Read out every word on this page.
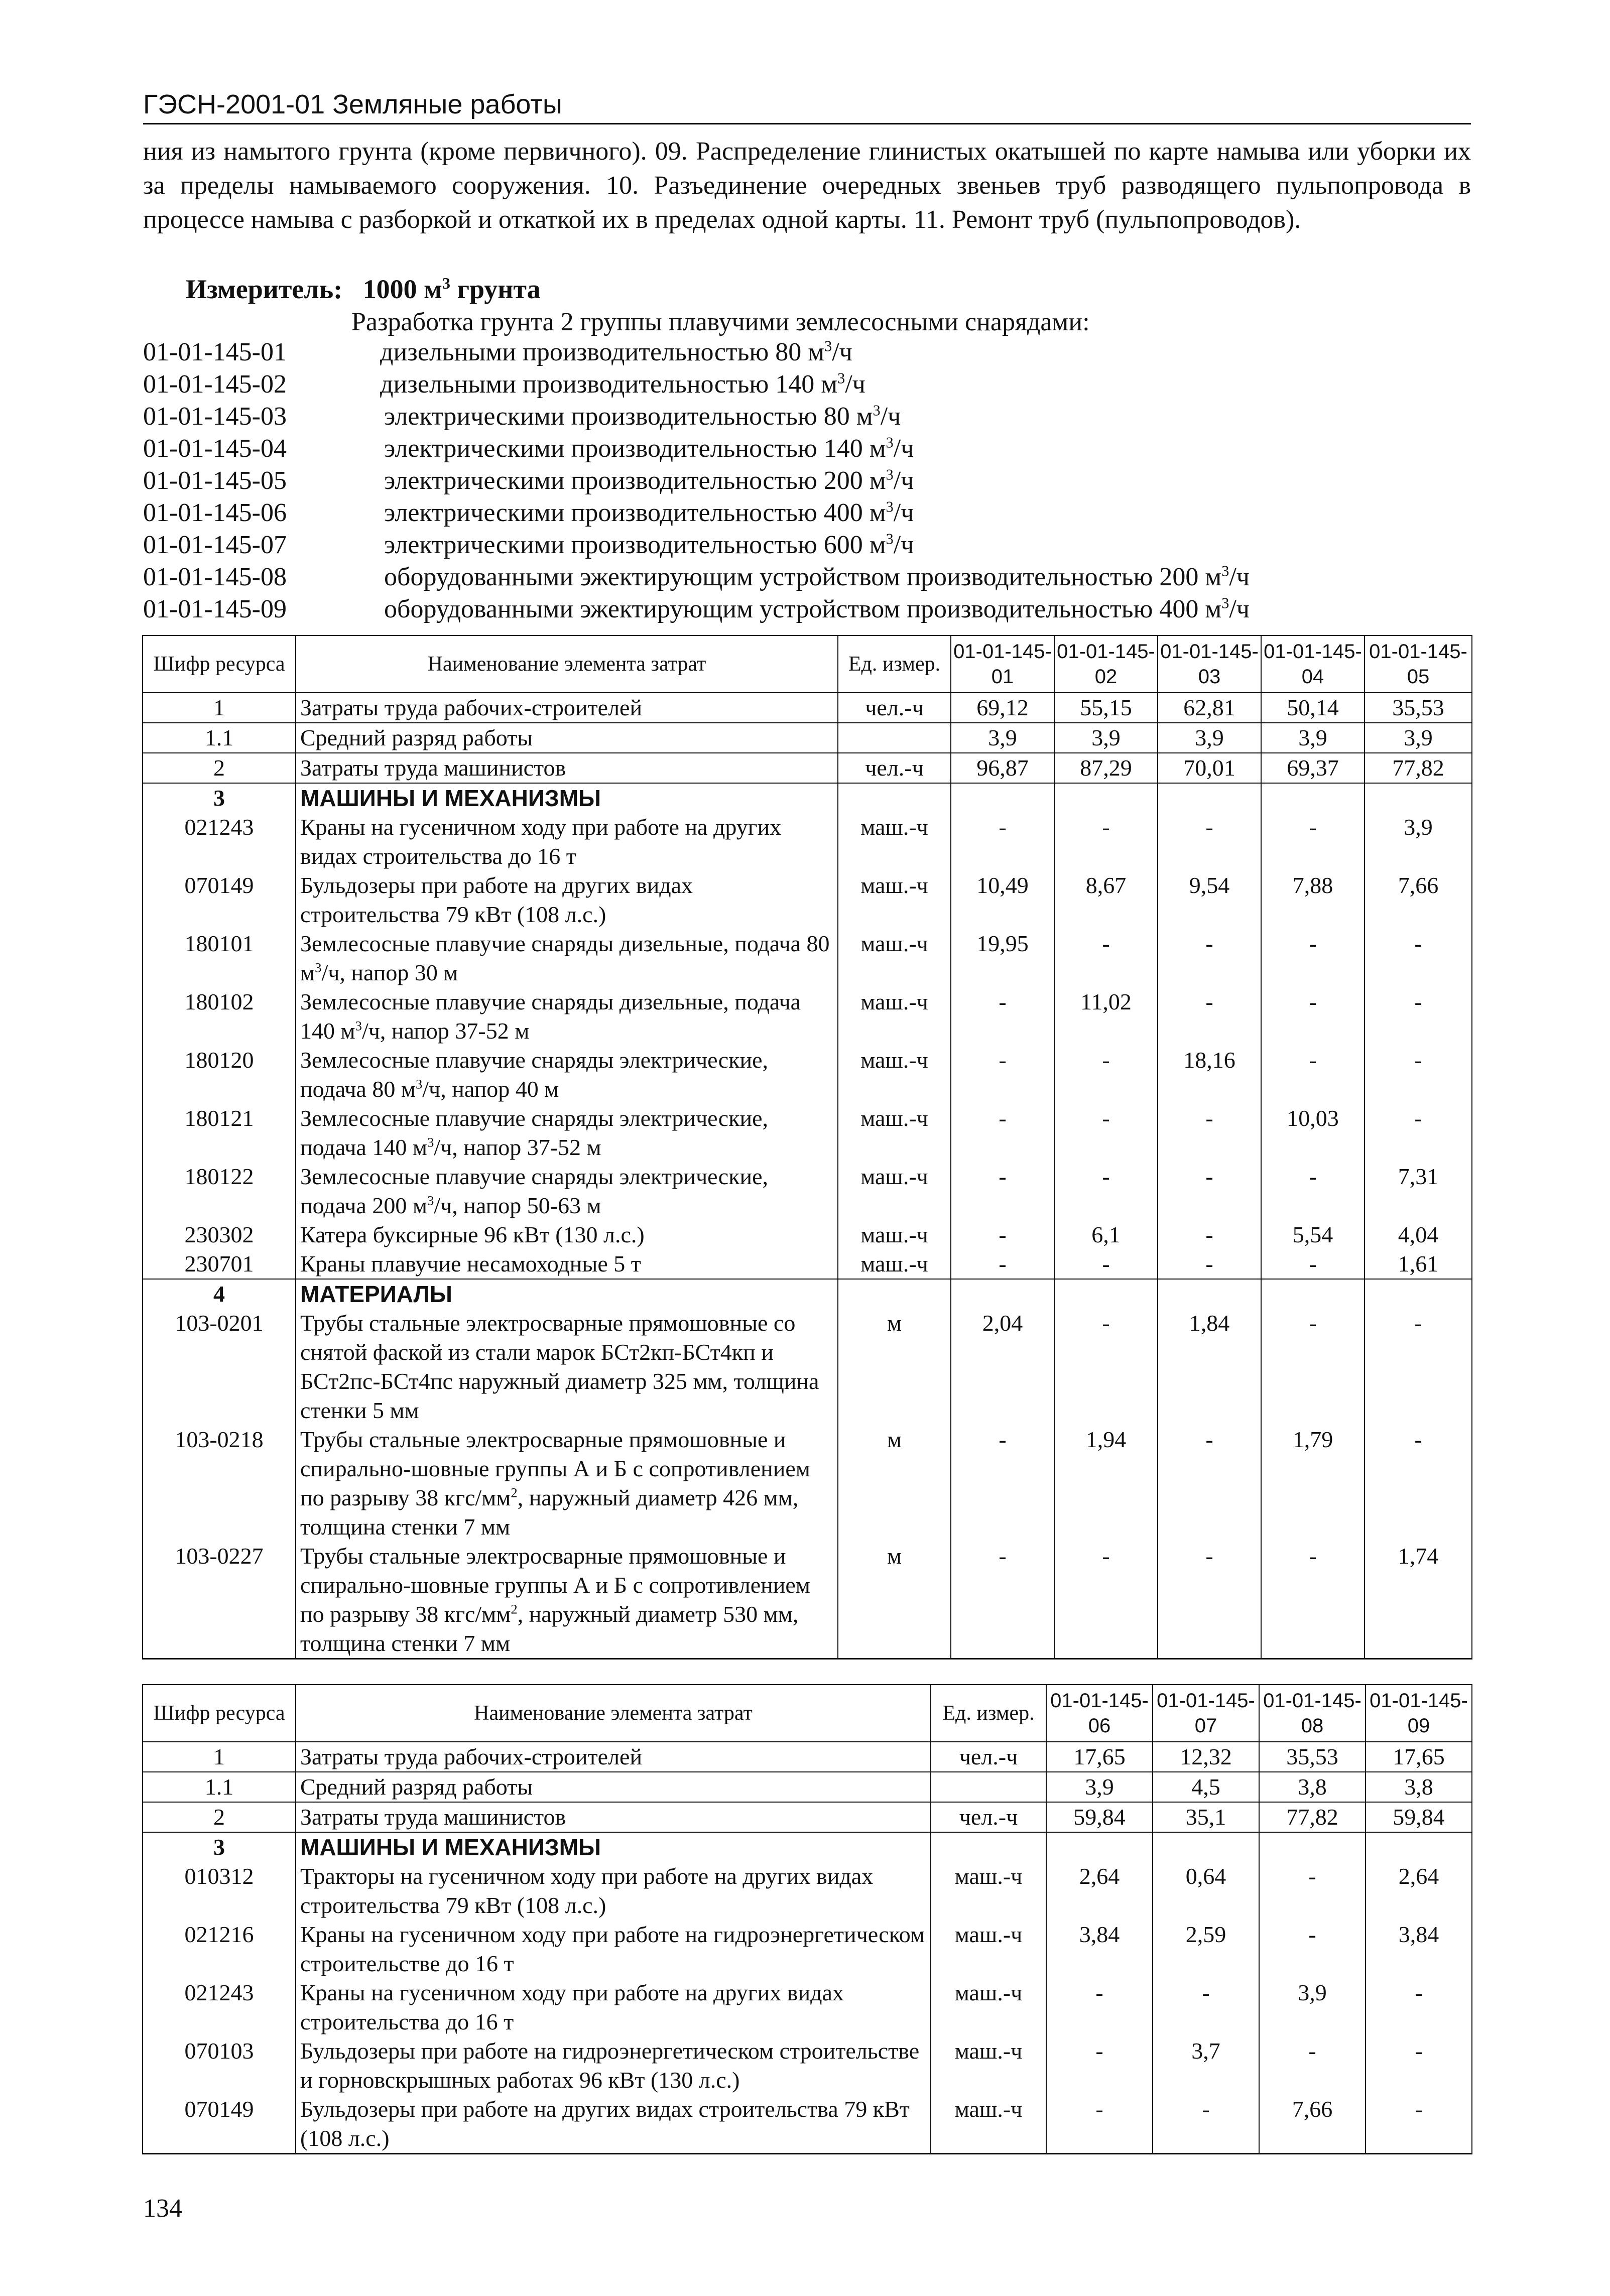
ГЭСН-2001-01 Земляные работы
ния из намытого грунта (кроме первичного). 09. Распределение глинистых окатышей по карте намыва или уборки их за пределы намываемого сооружения. 10. Разъединение очередных звеньев труб разводящего пульпопровода в процессе намыва с разборкой и откаткой их в пределах одной карты. 11. Ремонт труб (пульпопроводов).
Измеритель: 1000 $м^3$ грунта
Разработка грунта 2 группы плавучими землесосными снарядами:
01-01-145-01	дизельными производительностью 80 $м^3/ч$
01-01-145-02	дизельными производительностью 140 $м^3/ч$
01-01-145-03	электрическими производительностью 80 $м^3/ч$
01-01-145-04	электрическими производительностью 140 $м^3/ч$
01-01-145-05	электрическими производительностью 200 $м^3/ч$
01-01-145-06	электрическими производительностью 400 $м^3/ч$
01-01-145-07	электрическими производительностью 600 $м^3/ч$
01-01-145-08	оборудованными эжектирующим устройством производительностью 200 $м^3/ч$
01-01-145-09	оборудованными эжектирующим устройством производительностью 400 $м^3/ч$
Шифр ресурса	Наименование элемента затрат	Ед. измер.	01-01-145-01	01-01-145-02	01-01-145-03	01-01-145-04	01-01-145-05
1	Затраты труда рабочих-строителей	чел.-ч	69,12	55,15	62,81	50,14	35,53
1.1	Средний разряд работы		3,9	3,9	3,9	3,9	3,9
2	Затраты труда машинистов	чел.-ч	96,87	87,29	70,01	69,37	77,82
3	МАШИНЫ И МЕХАНИЗМЫ						
021243	Краны на гусеничном ходу при работе на других видах строительства до 16 т	маш.-ч	-	-	-	-	3,9
070149	Бульдозеры при работе на других видах строительства 79 кВт (108 л.с.)	маш.-ч	10,49	8,67	9,54	7,88	7,66
180101	Землесосные плавучие снаряды дизельные, подача 80 $м^3/ч$, напор 30 м	маш.-ч	19,95	-	-	-	-
180102	Землесосные плавучие снаряды дизельные, подача 140 $м^3/ч$, напор 37-52 м	маш.-ч	-	11,02	-	-	-
180120	Землесосные плавучие снаряды электрические, подача 80 $м^3/ч$, напор 40 м	маш.-ч	-	-	18,16	-	-
180121	Землесосные плавучие снаряды электрические, подача 140 $м^3/ч$, напор 37-52 м	маш.-ч	-	-	-	10,03	-
180122	Землесосные плавучие снаряды электрические, подача 200 $м^3/ч$, напор 50-63 м	маш.-ч	-	-	-	-	7,31
230302	Катера буксирные 96 кВт (130 л.с.)	маш.-ч	-	6,1	-	5,54	4,04
230701	Краны плавучие несамоходные 5 т	маш.-ч	-	-	-	-	1,61
4	МАТЕРИАЛЫ						
103-0201	Трубы стальные электросварные прямошовные со снятой фаской из стали марок БСт2кп-БСт4кп и БСт2пс-БСт4пс наружный диаметр 325 мм, толщина стенки 5 мм	м	2,04	-	1,84	-	-
103-0218	Трубы стальные электросварные прямошовные и спирально-шовные группы А и Б с сопротивлением по разрыву 38 кгс/$мм^2$, наружный диаметр 426 мм, толщина стенки 7 мм	м	-	1,94	-	1,79	-
103-0227	Трубы стальные электросварные прямошовные и спирально-шовные группы А и Б с сопротивлением по разрыву 38 кгс/$мм^2$, наружный диаметр 530 мм, толщина стенки 7 мм	м	-	-	-	-	1,74
Шифр ресурса	Наименование элемента затрат	Ед. измер.	01-01-145-06	01-01-145-07	01-01-145-08	01-01-145-09
1	Затраты труда рабочих-строителей	чел.-ч	17,65	12,32	35,53	17,65
1.1	Средний разряд работы		3,9	4,5	3,8	3,8
2	Затраты труда машинистов	чел.-ч	59,84	35,1	77,82	59,84
3	МАШИНЫ И МЕХАНИЗМЫ					
010312	Тракторы на гусеничном ходу при работе на других видах строительства 79 кВт (108 л.с.)	маш.-ч	2,64	0,64	-	2,64
021216	Краны на гусеничном ходу при работе на гидроэнергетическом строительстве до 16 т	маш.-ч	3,84	2,59	-	3,84
021243	Краны на гусеничном ходу при работе на других видах строительства до 16 т	маш.-ч	-	-	3,9	-
070103	Бульдозеры при работе на гидроэнергетическом строительстве и горновскрышных работах 96 кВт (130 л.с.)	маш.-ч	-	3,7	-	-
070149	Бульдозеры при работе на других видах строительства 79 кВт (108 л.с.)	маш.-ч	-	-	7,66	-
134
